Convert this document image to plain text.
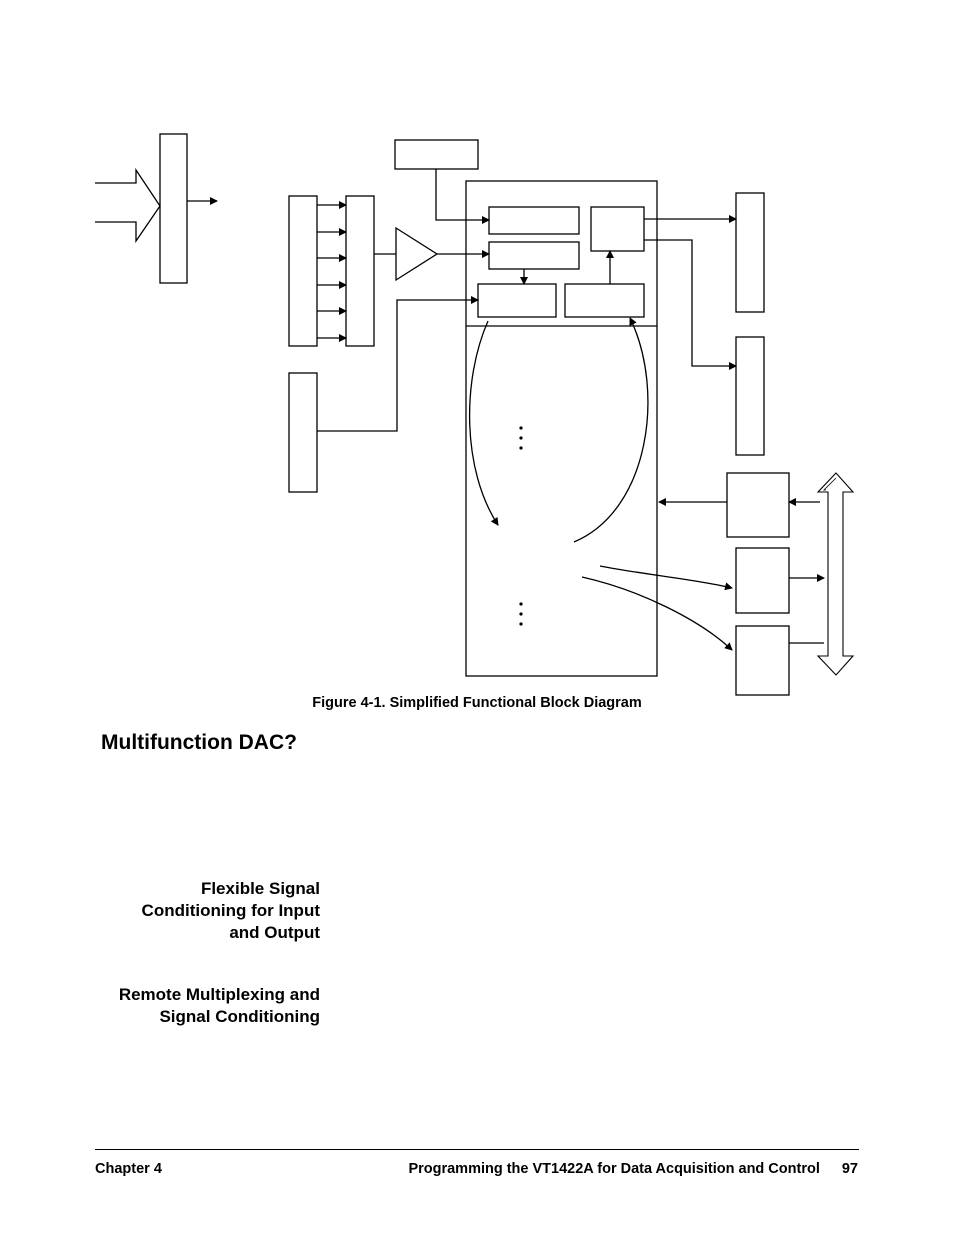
Figure 4-1. Simplified Functional Block Diagram
Multifunction DAC?
Flexible Signal
Conditioning for Input
and Output
Remote Multiplexing and
Signal Conditioning
Chapter 4	Programming the VT1422A for Data Acquisition and Control 97
